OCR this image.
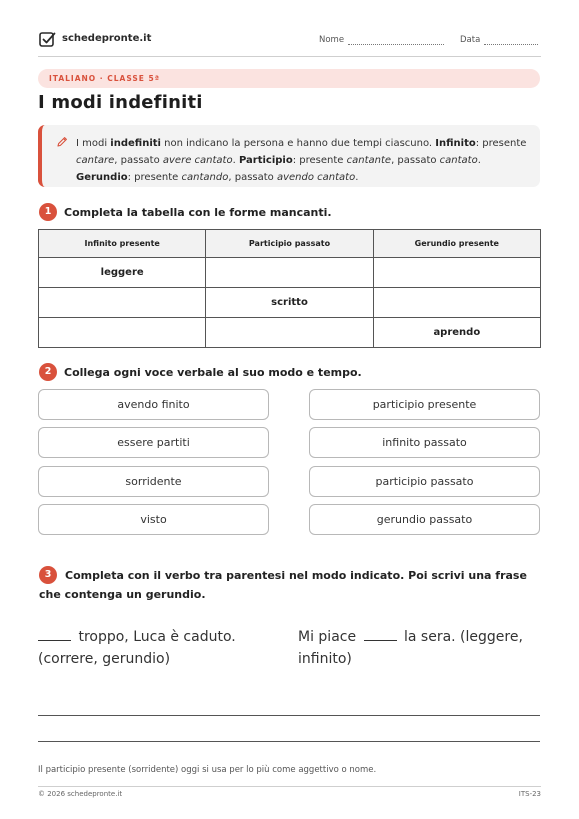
schedepronte.it	Nome	Data
ITALIANO · CLASSE 5ª
I modi indefiniti
I modi indefiniti non indicano la persona e hanno due tempi ciascuno. Infinito: presente cantare, passato avere cantato. Participio: presente cantante, passato cantato. Gerundio: presente cantando, passato avendo cantato.
1	Completa la tabella con le forme mancanti.
Infinito presente	Participio passato	Gerundio presente
leggere		
	scritto	
		aprendo
2	Collega ogni voce verbale al suo modo e tempo.
avendo finito
essere partiti
sorridente
visto
participio presente
infinito passato
participio passato
gerundio passato
3	Completa con il verbo tra parentesi nel modo indicato. Poi scrivi una frase che contenga un gerundio.
troppo, Luca è caduto. (correre, gerundio)
Mi piace	la sera. (leggere, infinito)
Il participio presente (sorridente) oggi si usa per lo più come aggettivo o nome.
© 2026 schedepronte.it	ITS-23
